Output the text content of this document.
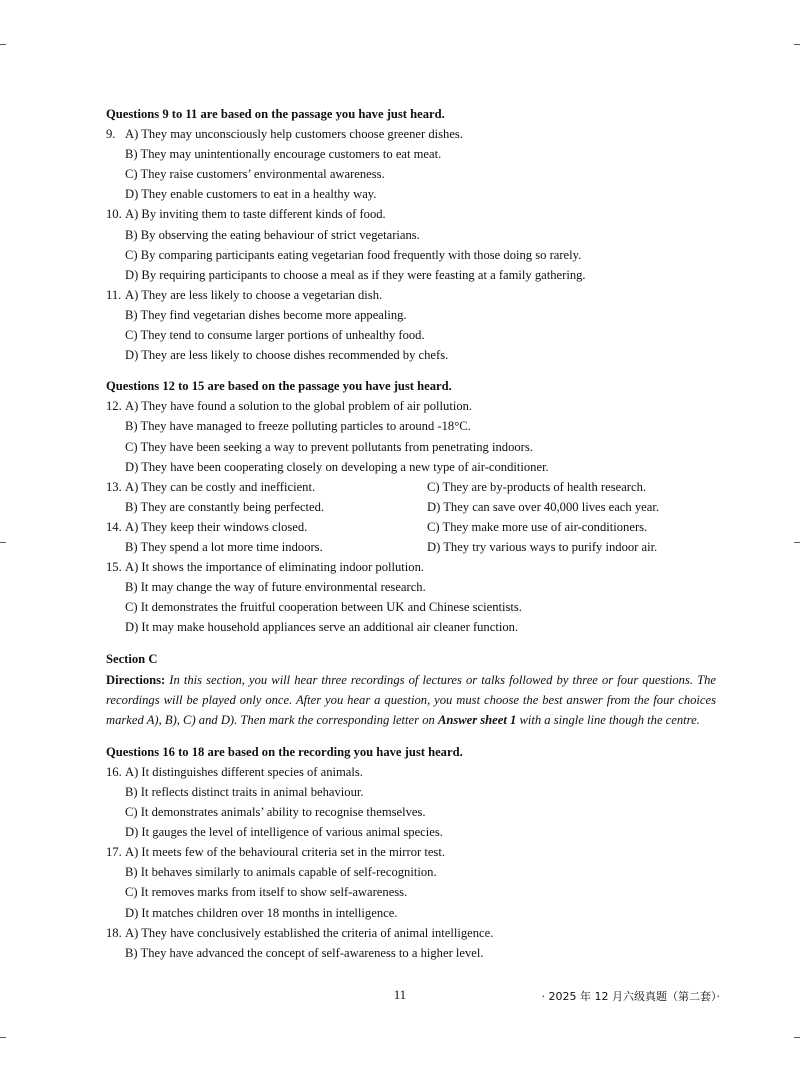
Questions 9 to 11 are based on the passage you have just heard.
9. A) They may unconsciously help customers choose greener dishes.
B) They may unintentionally encourage customers to eat meat.
C) They raise customers’ environmental awareness.
D) They enable customers to eat in a healthy way.
10. A) By inviting them to taste different kinds of food.
B) By observing the eating behaviour of strict vegetarians.
C) By comparing participants eating vegetarian food frequently with those doing so rarely.
D) By requiring participants to choose a meal as if they were feasting at a family gathering.
11. A) They are less likely to choose a vegetarian dish.
B) They find vegetarian dishes become more appealing.
C) They tend to consume larger portions of unhealthy food.
D) They are less likely to choose dishes recommended by chefs.
Questions 12 to 15 are based on the passage you have just heard.
12. A) They have found a solution to the global problem of air pollution.
B) They have managed to freeze polluting particles to around -18°C.
C) They have been seeking a way to prevent pollutants from penetrating indoors.
D) They have been cooperating closely on developing a new type of air-conditioner.
13. A) They can be costly and inefficient.	C) They are by-products of health research.
B) They are constantly being perfected.	D) They can save over 40,000 lives each year.
14. A) They keep their windows closed.	C) They make more use of air-conditioners.
B) They spend a lot more time indoors.	D) They try various ways to purify indoor air.
15. A) It shows the importance of eliminating indoor pollution.
B) It may change the way of future environmental research.
C) It demonstrates the fruitful cooperation between UK and Chinese scientists.
D) It may make household appliances serve an additional air cleaner function.
Section C
Directions: In this section, you will hear three recordings of lectures or talks followed by three or four questions. The recordings will be played only once. After you hear a question, you must choose the best answer from the four choices marked A), B), C) and D). Then mark the corresponding letter on Answer sheet 1 with a single line though the centre.
Questions 16 to 18 are based on the recording you have just heard.
16. A) It distinguishes different species of animals.
B) It reflects distinct traits in animal behaviour.
C) It demonstrates animals’ ability to recognise themselves.
D) It gauges the level of intelligence of various animal species.
17. A) It meets few of the behavioural criteria set in the mirror test.
B) It behaves similarly to animals capable of self-recognition.
C) It removes marks from itself to show self-awareness.
D) It matches children over 18 months in intelligence.
18. A) They have conclusively established the criteria of animal intelligence.
B) They have advanced the concept of self-awareness to a higher level.
11	· 2025 年 12 月六级真题（第二套）·
